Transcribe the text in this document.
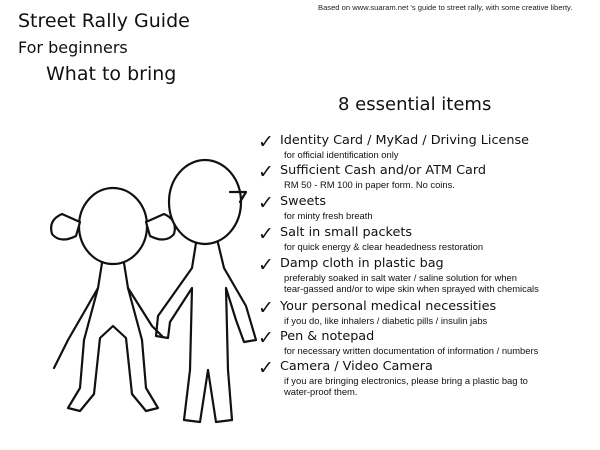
Based on www.suaram.net 's guide to street rally, with some creative liberty.
Street Rally Guide
For beginners
What to bring
8 essential items
✓ Identity Card / MyKad / Driving License
for official identification only
✓ Sufficient Cash and/or ATM Card
RM 50 - RM 100 in paper form. No coins.
✓ Sweets
for minty fresh breath
✓ Salt in small packets
for quick energy & clear headedness restoration
✓ Damp cloth in plastic bag
preferably soaked in salt water / saline solution for when
tear-gassed and/or to wipe skin when sprayed with chemicals
✓ Your personal medical necessities
if you do, like inhalers / diabetic pills / insulin jabs
✓ Pen & notepad
for necessary written documentation of information / numbers
✓ Camera / Video Camera
if you are bringing electronics, please bring a plastic bag to
water-proof them.
